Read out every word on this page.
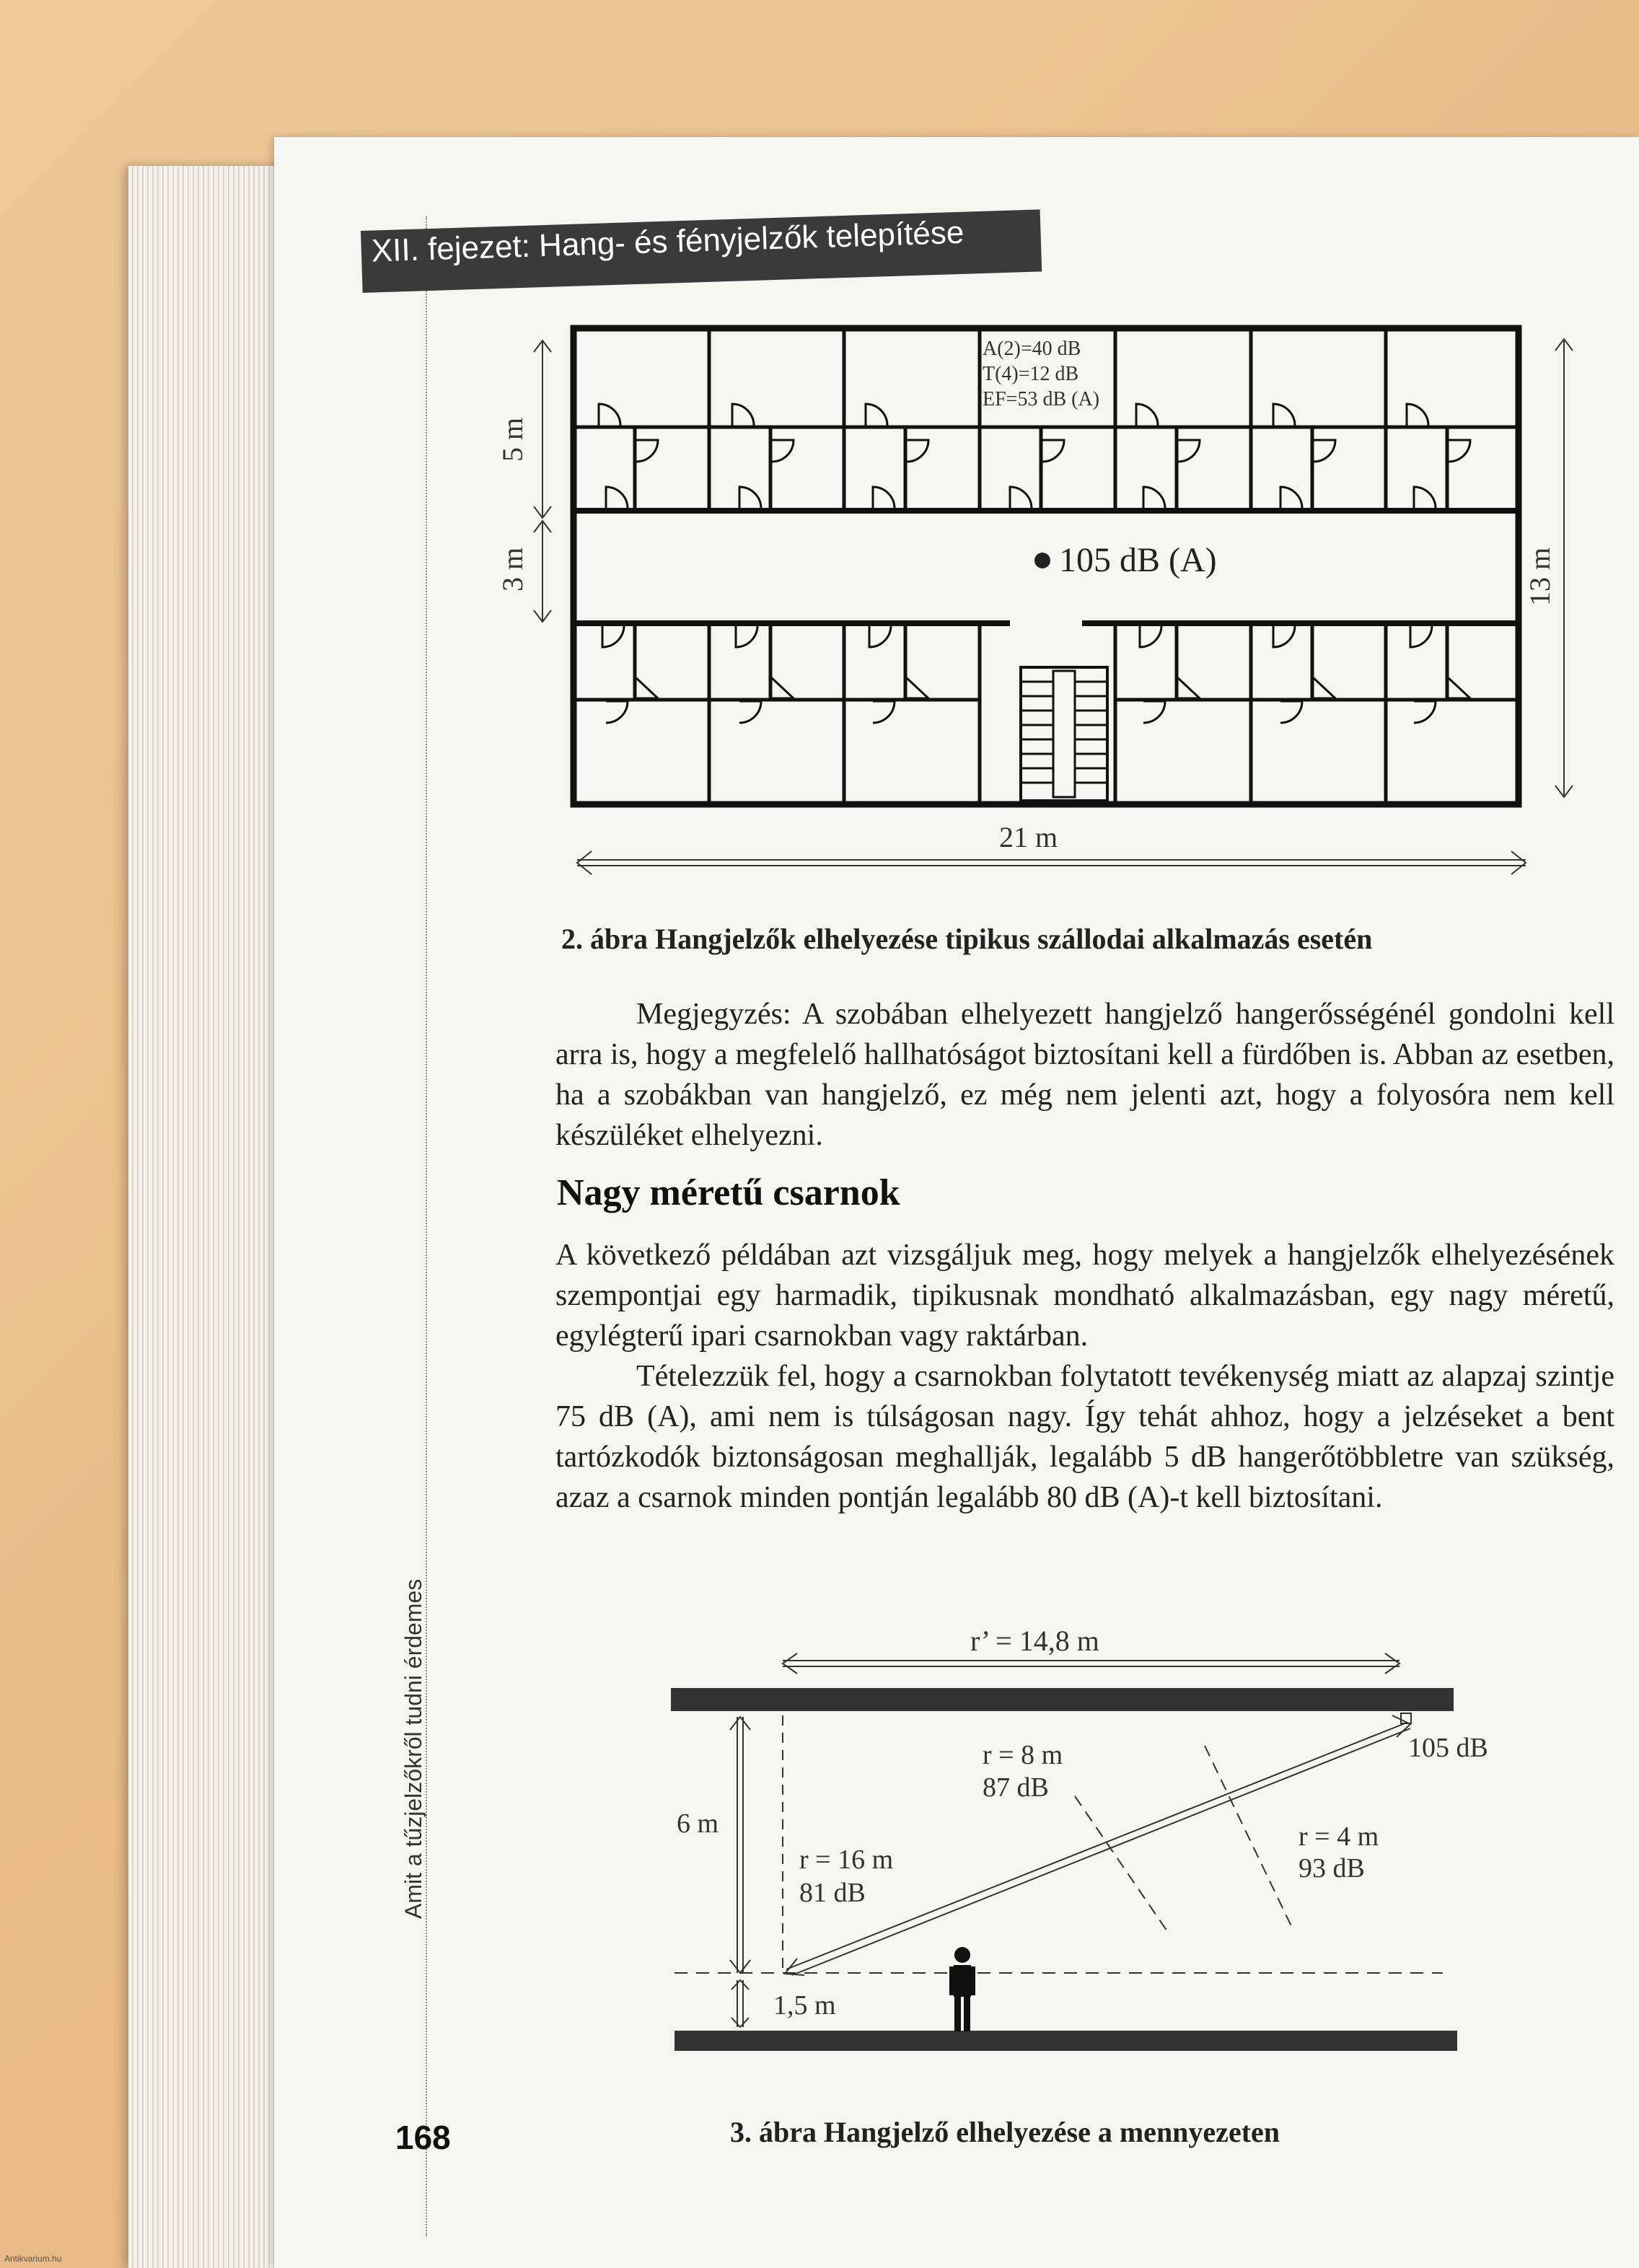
XII. fejezet: Hang- és fényjelzők telepítése
Amit a tűzjelzőkről tudni érdemes
A(2)=40 dB
T(4)=12 dB
EF=53 dB (A)
105 dB (A)
5 m
3 m	13 m
21 m
2. ábra Hangjelzők elhelyezése tipikus szállodai alkalmazás esetén

Megjegyzés: A szobában elhelyezett hangjelző hangerősségénél gondolni kell arra is, hogy a megfelelő hallhatóságot biztosítani kell a fürdőben is. Abban az esetben, ha a szobákban van hangjelző, ez még nem jelenti azt, hogy a folyosóra nem kell készüléket elhelyezni.

Nagy méretű csarnok

A következő példában azt vizsgáljuk meg, hogy melyek a hangjelzők elhelyezésének szempontjai egy harmadik, tipikusnak mondható alkalmazásban, egy nagy méretű, egylégterű ipari csarnokban vagy raktárban.

Tételezzük fel, hogy a csarnokban folytatott tevékenység miatt az alapzaj szintje 75 dB (A), ami nem is túlságosan nagy. Így tehát ahhoz, hogy a jelzéseket a bent tartózkodók biztonságosan meghallják, legalább 5 dB hangerőtöbbletre van szükség, azaz a csarnok minden pontján legalább 80 dB (A)-t kell biztosítani.

r’ = 14,8 m
105 dB
r = 8 m
87 dB
r = 4 m
93 dB
r = 16 m
81 dB
6 m
1,5 m
3. ábra Hangjelző elhelyezése a mennyezeten
168
Antikvarium.hu
